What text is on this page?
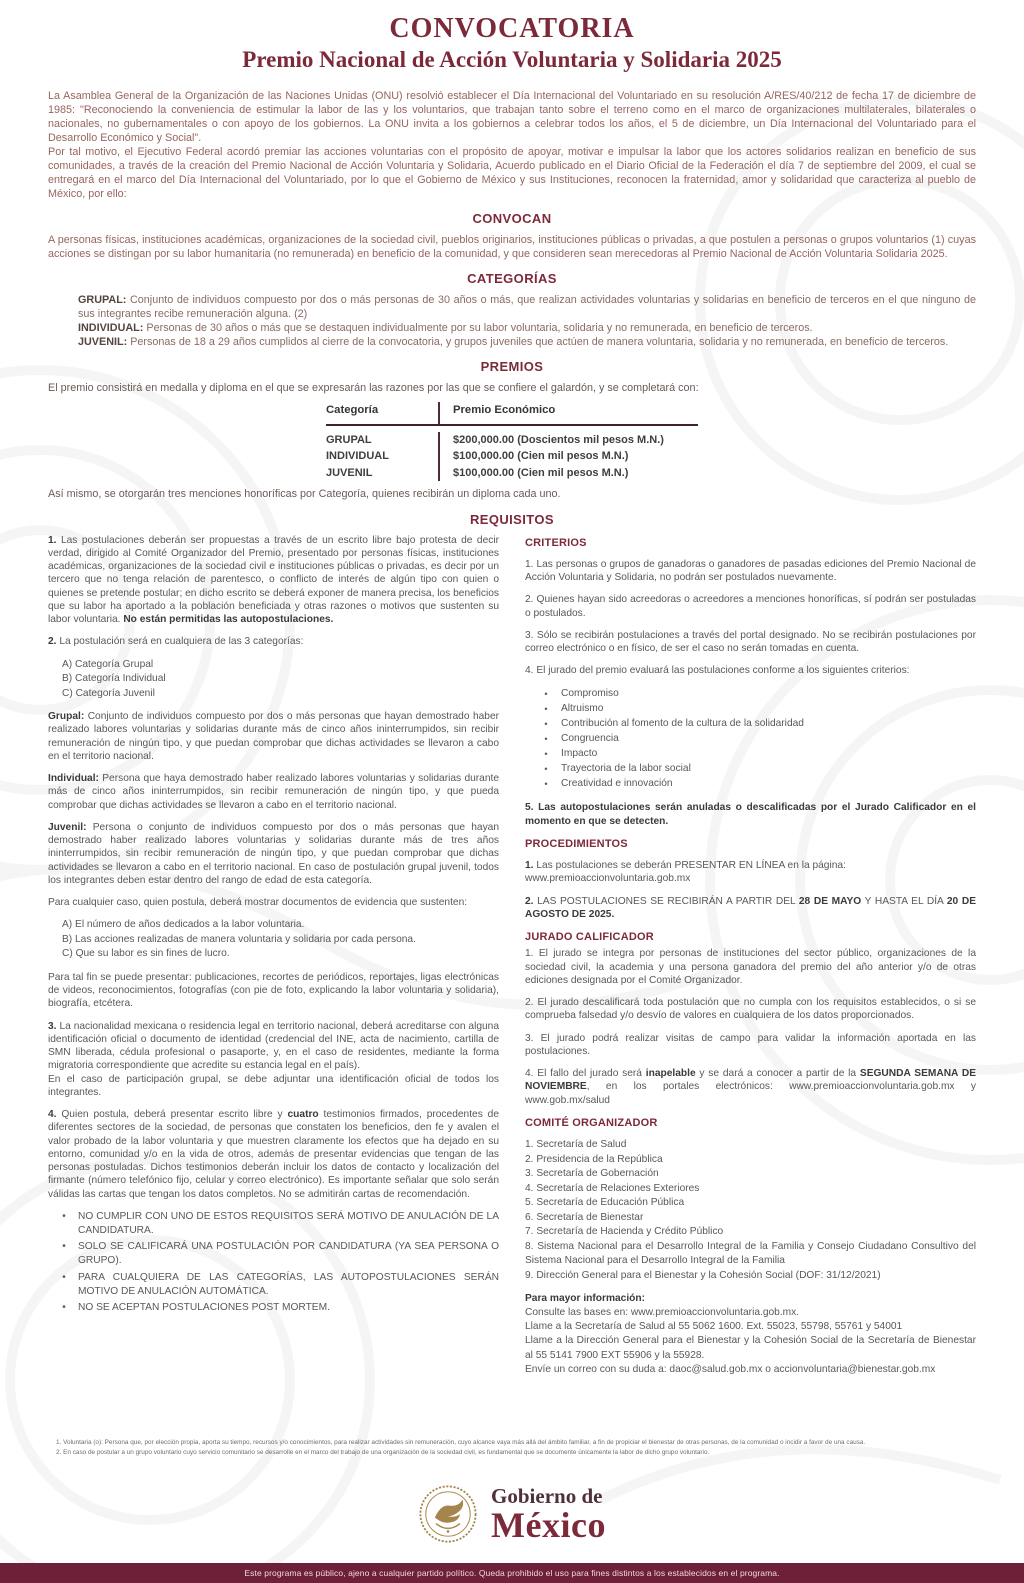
CONVOCATORIA
Premio Nacional de Acción Voluntaria y Solidaria 2025

La Asamblea General de la Organización de las Naciones Unidas (ONU) resolvió establecer el Día Internacional del Voluntariado en su resolución A/RES/40/212 de fecha 17 de diciembre de 1985: "Reconociendo la conveniencia de estimular la labor de las y los voluntarios, que trabajan tanto sobre el terreno como en el marco de organizaciones multilaterales, bilaterales o nacionales, no gubernamentales o con apoyo de los gobiernos. La ONU invita a los gobiernos a celebrar todos los años, el 5 de diciembre, un Día Internacional del Voluntariado para el Desarrollo Económico y Social".

Por tal motivo, el Ejecutivo Federal acordó premiar las acciones voluntarias con el propósito de apoyar, motivar e impulsar la labor que los actores solidarios realizan en beneficio de sus comunidades, a través de la creación del Premio Nacional de Acción Voluntaria y Solidaria, Acuerdo publicado en el Diario Oficial de la Federación el día 7 de septiembre del 2009, el cual se entregará en el marco del Día Internacional del Voluntariado, por lo que el Gobierno de México y sus Instituciones, reconocen la fraternidad, amor y solidaridad que caracteriza al pueblo de México, por ello:

CONVOCAN

A personas físicas, instituciones académicas, organizaciones de la sociedad civil, pueblos originarios, instituciones públicas o privadas, a que postulen a personas o grupos voluntarios (1) cuyas acciones se distingan por su labor humanitaria (no remunerada) en beneficio de la comunidad, y que consideren sean merecedoras al Premio Nacional de Acción Voluntaria Solidaria 2025.

CATEGORÍAS

GRUPAL: Conjunto de individuos compuesto por dos o más personas de 30 años o más, que realizan actividades voluntarias y solidarias en beneficio de terceros en el que ninguno de sus integrantes recibe remuneración alguna. (2)

INDIVIDUAL: Personas de 30 años o más que se destaquen individualmente por su labor voluntaria, solidaria y no remunerada, en beneficio de terceros.

JUVENIL: Personas de 18 a 29 años cumplidos al cierre de la convocatoria, y grupos juveniles que actúen de manera voluntaria, solidaria y no remunerada, en beneficio de terceros.

PREMIOS

El premio consistirá en medalla y diploma en el que se expresarán las razones por las que se confiere el galardón, y se completará con:

Categoría	Premio Económico
GRUPAL	$200,000.00 (Doscientos mil pesos M.N.)
INDIVIDUAL	$100,000.00 (Cien mil pesos M.N.)
JUVENIL	$100,000.00 (Cien mil pesos M.N.)

Así mismo, se otorgarán tres menciones honoríficas por Categoría, quienes recibirán un diploma cada uno.

REQUISITOS

1. Las postulaciones deberán ser propuestas a través de un escrito libre bajo protesta de decir verdad, dirigido al Comité Organizador del Premio, presentado por personas físicas, instituciones académicas, organizaciones de la sociedad civil e instituciones públicas o privadas, es decir por un tercero que no tenga relación de parentesco, o conflicto de interés de algún tipo con quien o quienes se pretende postular; en dicho escrito se deberá exponer de manera precisa, los beneficios que su labor ha aportado a la población beneficiada y otras razones o motivos que sustenten su labor voluntaria. No están permitidas las autopostulaciones.

2. La postulación será en cualquiera de las 3 categorías:

A) Categoría Grupal
B) Categoría Individual
C) Categoría Juvenil

Grupal: Conjunto de individuos compuesto por dos o más personas que hayan demostrado haber realizado labores voluntarias y solidarias durante más de cinco años ininterrumpidos, sin recibir remuneración de ningún tipo, y que puedan comprobar que dichas actividades se llevaron a cabo en el territorio nacional.

Individual: Persona que haya demostrado haber realizado labores voluntarias y solidarias durante más de cinco años ininterrumpidos, sin recibir remuneración de ningún tipo, y que pueda comprobar que dichas actividades se llevaron a cabo en el territorio nacional.

Juvenil: Persona o conjunto de individuos compuesto por dos o más personas que hayan demostrado haber realizado labores voluntarias y solidarias durante más de tres años ininterrumpidos, sin recibir remuneración de ningún tipo, y que puedan comprobar que dichas actividades se llevaron a cabo en el territorio nacional. En caso de postulación grupal juvenil, todos los integrantes deben estar dentro del rango de edad de esta categoría.

Para cualquier caso, quien postula, deberá mostrar documentos de evidencia que sustenten:

A) El número de años dedicados a la labor voluntaria.
B) Las acciones realizadas de manera voluntaria y solidaria por cada persona.
C) Que su labor es sin fines de lucro.

Para tal fin se puede presentar: publicaciones, recortes de periódicos, reportajes, ligas electrónicas de videos, reconocimientos, fotografías (con pie de foto, explicando la labor voluntaria y solidaria), biografía, etcétera.

3. La nacionalidad mexicana o residencia legal en territorio nacional, deberá acreditarse con alguna identificación oficial o documento de identidad (credencial del INE, acta de nacimiento, cartilla de SMN liberada, cédula profesional o pasaporte, y, en el caso de residentes, mediante la forma migratoria correspondiente que acredite su estancia legal en el país).
En el caso de participación grupal, se debe adjuntar una identificación oficial de todos los integrantes.

4. Quien postula, deberá presentar escrito libre y cuatro testimonios firmados, procedentes de diferentes sectores de la sociedad, de personas que constaten los beneficios, den fe y avalen el valor probado de la labor voluntaria y que muestren claramente los efectos que ha dejado en su entorno, comunidad y/o en la vida de otros, además de presentar evidencias que tengan de las personas postuladas. Dichos testimonios deberán incluir los datos de contacto y localización del firmante (número telefónico fijo, celular y correo electrónico). Es importante señalar que solo serán válidas las cartas que tengan los datos completos. No se admitirán cartas de recomendación.

• NO CUMPLIR CON UNO DE ESTOS REQUISITOS SERÁ MOTIVO DE ANULACIÓN DE LA CANDIDATURA.
• SOLO SE CALIFICARÁ UNA POSTULACIÓN POR CANDIDATURA (YA SEA PERSONA O GRUPO).
• PARA CUALQUIERA DE LAS CATEGORÍAS, LAS AUTOPOSTULACIONES SERÁN MOTIVO DE ANULACIÓN AUTOMÁTICA.
• NO SE ACEPTAN POSTULACIONES POST MORTEM.
CRITERIOS

1. Las personas o grupos de ganadoras o ganadores de pasadas ediciones del Premio Nacional de Acción Voluntaria y Solidaria, no podrán ser postulados nuevamente.

2. Quienes hayan sido acreedoras o acreedores a menciones honoríficas, sí podrán ser postuladas o postulados.

3. Sólo se recibirán postulaciones a través del portal designado. No se recibirán postulaciones por correo electrónico o en físico, de ser el caso no serán tomadas en cuenta.

4. El jurado del premio evaluará las postulaciones conforme a los siguientes criterios:

• Compromiso
• Altruismo
• Contribución al fomento de la cultura de la solidaridad
• Congruencia
• Impacto
• Trayectoria de la labor social
• Creatividad e innovación

5. Las autopostulaciones serán anuladas o descalificadas por el Jurado Calificador en el momento en que se detecten.

PROCEDIMIENTOS

1. Las postulaciones se deberán PRESENTAR EN LÍNEA en la página:
www.premioaccionvoluntaria.gob.mx

2. LAS POSTULACIONES SE RECIBIRÁN A PARTIR DEL 28 DE MAYO Y HASTA EL DÍA 20 DE AGOSTO DE 2025.

JURADO CALIFICADOR

1. El jurado se integra por personas de instituciones del sector público, organizaciones de la sociedad civil, la academia y una persona ganadora del premio del año anterior y/o de otras ediciones designada por el Comité Organizador.

2. El jurado descalificará toda postulación que no cumpla con los requisitos establecidos, o si se comprueba falsedad y/o desvío de valores en cualquiera de los datos proporcionados.

3. El jurado podrá realizar visitas de campo para validar la información aportada en las postulaciones.

4. El fallo del jurado será inapelable y se dará a conocer a partir de la SEGUNDA SEMANA DE NOVIEMBRE, en los portales electrónicos: www.premioaccionvoluntaria.gob.mx y www.gob.mx/salud

COMITÉ ORGANIZADOR
1. Secretaría de Salud
2. Presidencia de la República
3. Secretaría de Gobernación
4. Secretaría de Relaciones Exteriores
5. Secretaría de Educación Pública
6. Secretaría de Bienestar
7. Secretaría de Hacienda y Crédito Público
8. Sistema Nacional para el Desarrollo Integral de la Familia y Consejo Ciudadano Consultivo del Sistema Nacional para el Desarrollo Integral de la Familia
9. Dirección General para el Bienestar y la Cohesión Social (DOF: 31/12/2021)
Para mayor información:
Consulte las bases en: www.premioaccionvoluntaria.gob.mx.
Llame a la Secretaría de Salud al 55 5062 1600. Ext. 55023, 55798, 55761 y 54001
Llame a la Dirección General para el Bienestar y la Cohesión Social de la Secretaría de Bienestar al 55 5141 7900 EXT 55906 y la 55928.
Envíe un correo con su duda a: daoc@salud.gob.mx o accionvoluntaria@bienestar.gob.mx
1. Voluntaria (o): Persona que, por elección propia, aporta su tiempo, recursos y/o conocimientos, para realizar actividades sin remuneración, cuyo alcance vaya más allá del ámbito familiar, a fin de propiciar el bienestar de otras personas, de la comunidad o incidir a favor de una causa.
2. En caso de postular a un grupo voluntario cuyo servicio comunitario se desarrolle en el marco del trabajo de una organización de la sociedad civil, es fundamental que se documente únicamente la labor de dicho grupo voluntario.
Gobierno de
México
Este programa es público, ajeno a cualquier partido político. Queda prohibido el uso para fines distintos a los establecidos en el programa.
